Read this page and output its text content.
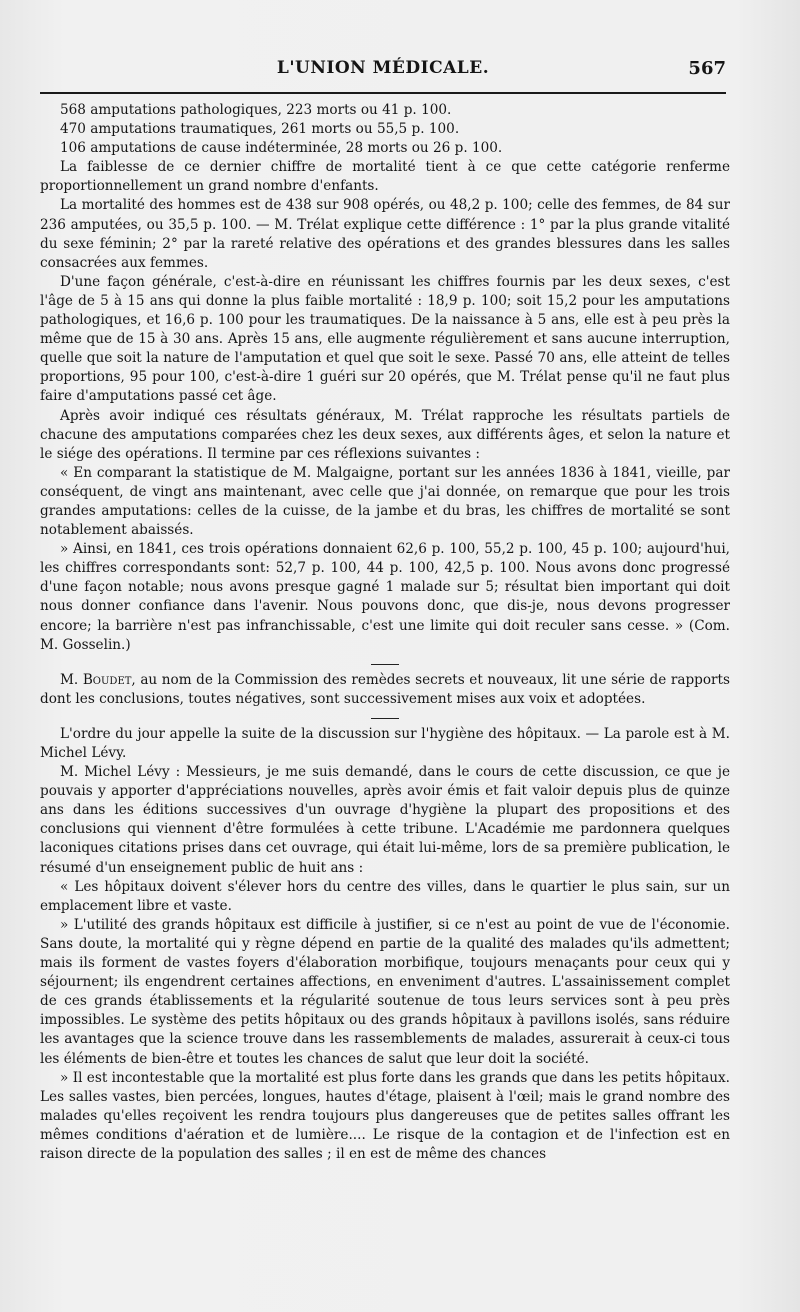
L'UNION MÉDICALE.	567

568 amputations pathologiques, 223 morts ou 41 p. 100.

470 amputations traumatiques, 261 morts ou 55,5 p. 100.

106 amputations de cause indéterminée, 28 morts ou 26 p. 100.

La faiblesse de ce dernier chiffre de mortalité tient à ce que cette catégorie renferme proportionnellement un grand nombre d'enfants.

La mortalité des hommes est de 438 sur 908 opérés, ou 48,2 p. 100; celle des femmes, de 84 sur 236 amputées, ou 35,5 p. 100. — M. Trélat explique cette différence : 1° par la plus grande vitalité du sexe féminin; 2° par la rareté relative des opérations et des grandes blessures dans les salles consacrées aux femmes.

D'une façon générale, c'est-à-dire en réunissant les chiffres fournis par les deux sexes, c'est l'âge de 5 à 15 ans qui donne la plus faible mortalité : 18,9 p. 100; soit 15,2 pour les amputations pathologiques, et 16,6 p. 100 pour les traumatiques. De la naissance à 5 ans, elle est à peu près la même que de 15 à 30 ans. Après 15 ans, elle augmente régulièrement et sans aucune interruption, quelle que soit la nature de l'amputation et quel que soit le sexe. Passé 70 ans, elle atteint de telles proportions, 95 pour 100, c'est-à-dire 1 guéri sur 20 opérés, que M. Trélat pense qu'il ne faut plus faire d'amputations passé cet âge.

Après avoir indiqué ces résultats généraux, M. Trélat rapproche les résultats partiels de chacune des amputations comparées chez les deux sexes, aux différents âges, et selon la nature et le siége des opérations. Il termine par ces réflexions suivantes :

« En comparant la statistique de M. Malgaigne, portant sur les années 1836 à 1841, vieille, par conséquent, de vingt ans maintenant, avec celle que j'ai donnée, on remarque que pour les trois grandes amputations: celles de la cuisse, de la jambe et du bras, les chiffres de mortalité se sont notablement abaissés.

» Ainsi, en 1841, ces trois opérations donnaient 62,6 p. 100, 55,2 p. 100, 45 p. 100; aujourd'hui, les chiffres correspondants sont: 52,7 p. 100, 44 p. 100, 42,5 p. 100. Nous avons donc progressé d'une façon notable; nous avons presque gagné 1 malade sur 5; résultat bien important qui doit nous donner confiance dans l'avenir. Nous pouvons donc, que dis-je, nous devons progresser encore; la barrière n'est pas infranchissable, c'est une limite qui doit reculer sans cesse. » (Com. M. Gosselin.)

M. Boudet, au nom de la Commission des remèdes secrets et nouveaux, lit une série de rapports dont les conclusions, toutes négatives, sont successivement mises aux voix et adoptées.

L'ordre du jour appelle la suite de la discussion sur l'hygiène des hôpitaux. — La parole est à M. Michel Lévy.

M. Michel Lévy : Messieurs, je me suis demandé, dans le cours de cette discussion, ce que je pouvais y apporter d'appréciations nouvelles, après avoir émis et fait valoir depuis plus de quinze ans dans les éditions successives d'un ouvrage d'hygiène la plupart des propositions et des conclusions qui viennent d'être formulées à cette tribune. L'Académie me pardonnera quelques laconiques citations prises dans cet ouvrage, qui était lui-même, lors de sa première publication, le résumé d'un enseignement public de huit ans :

« Les hôpitaux doivent s'élever hors du centre des villes, dans le quartier le plus sain, sur un emplacement libre et vaste.

» L'utilité des grands hôpitaux est difficile à justifier, si ce n'est au point de vue de l'économie. Sans doute, la mortalité qui y règne dépend en partie de la qualité des malades qu'ils admettent; mais ils forment de vastes foyers d'élaboration morbifique, toujours menaçants pour ceux qui y séjournent; ils engendrent certaines affections, en enveniment d'autres. L'assainissement complet de ces grands établissements et la régularité soutenue de tous leurs services sont à peu près impossibles. Le système des petits hôpitaux ou des grands hôpitaux à pavillons isolés, sans réduire les avantages que la science trouve dans les rassemblements de malades, assurerait à ceux-ci tous les éléments de bien-être et toutes les chances de salut que leur doit la société.

» Il est incontestable que la mortalité est plus forte dans les grands que dans les petits hôpitaux. Les salles vastes, bien percées, longues, hautes d'étage, plaisent à l'œil; mais le grand nombre des malades qu'elles reçoivent les rendra toujours plus dangereuses que de petites salles offrant les mêmes conditions d'aération et de lumière.... Le risque de la contagion et de l'infection est en raison directe de la population des salles ; il en est de même des chances
